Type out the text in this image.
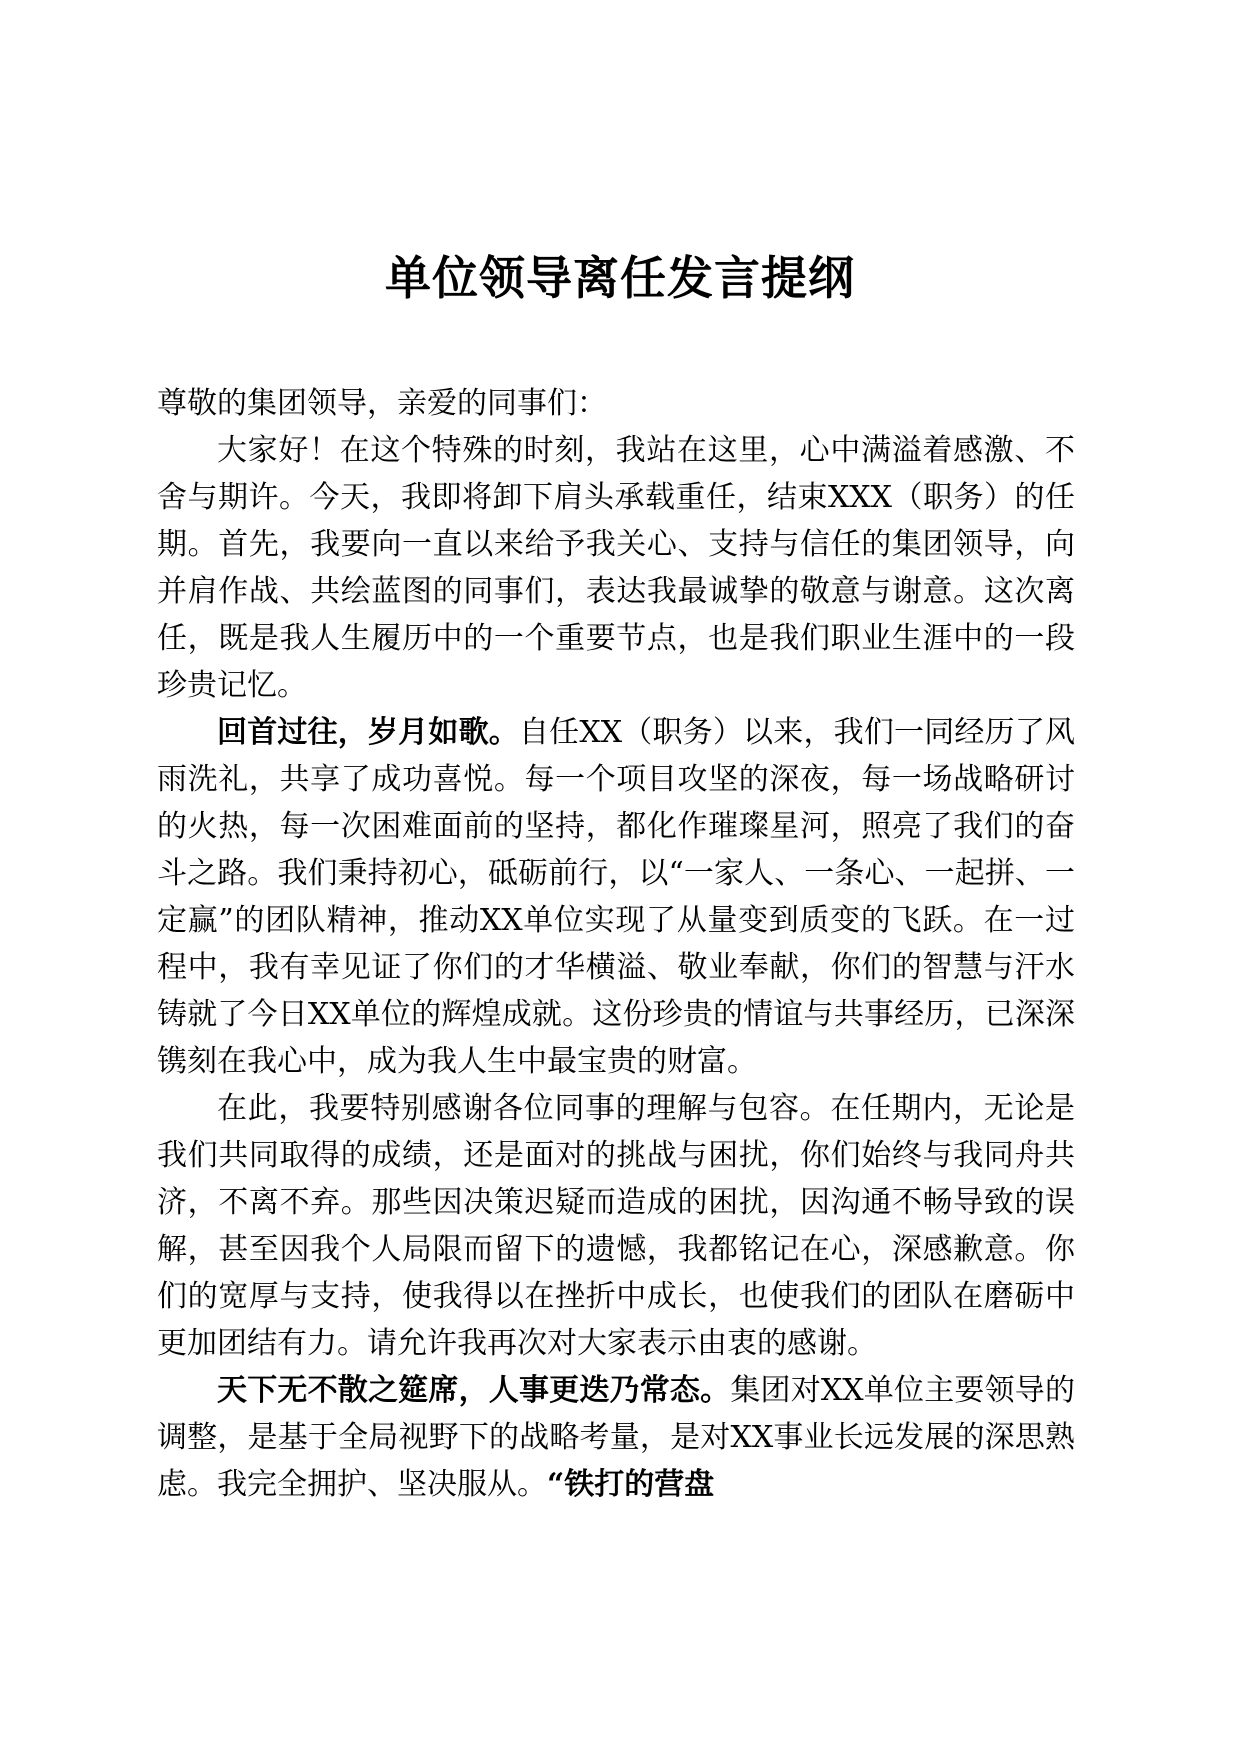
单位领导离任发言提纲

尊敬的集团领导，亲爱的同事们：

大家好！在这个特殊的时刻，我站在这里，心中满溢着感激、不舍与期许。今天，我即将卸下肩头承载重任，结束XXX（职务）的任期。首先，我要向一直以来给予我关心、支持与信任的集团领导，向并肩作战、共绘蓝图的同事们，表达我最诚挚的敬意与谢意。这次离任，既是我人生履历中的一个重要节点，也是我们职业生涯中的一段珍贵记忆。

回首过往，岁月如歌。自任XX（职务）以来，我们一同经历了风雨洗礼，共享了成功喜悦。每一个项目攻坚的深夜，每一场战略研讨的火热，每一次困难面前的坚持，都化作璀璨星河，照亮了我们的奋斗之路。我们秉持初心，砥砺前行，以“一家人、一条心、一起拼、一定赢”的团队精神，推动XX单位实现了从量变到质变的飞跃。在一过程中，我有幸见证了你们的才华横溢、敬业奉献，你们的智慧与汗水铸就了今日XX单位的辉煌成就。这份珍贵的情谊与共事经历，已深深镌刻在我心中，成为我人生中最宝贵的财富。

在此，我要特别感谢各位同事的理解与包容。在任期内，无论是我们共同取得的成绩，还是面对的挑战与困扰，你们始终与我同舟共济，不离不弃。那些因决策迟疑而造成的困扰，因沟通不畅导致的误解，甚至因我个人局限而留下的遗憾，我都铭记在心，深感歉意。你们的宽厚与支持，使我得以在挫折中成长，也使我们的团队在磨砺中更加团结有力。请允许我再次对大家表示由衷的感谢。

天下无不散之筵席，人事更迭乃常态。集团对XX单位主要领导的调整，是基于全局视野下的战略考量，是对XX事业长远发展的深思熟虑。我完全拥护、坚决服从。“铁打的营盘
